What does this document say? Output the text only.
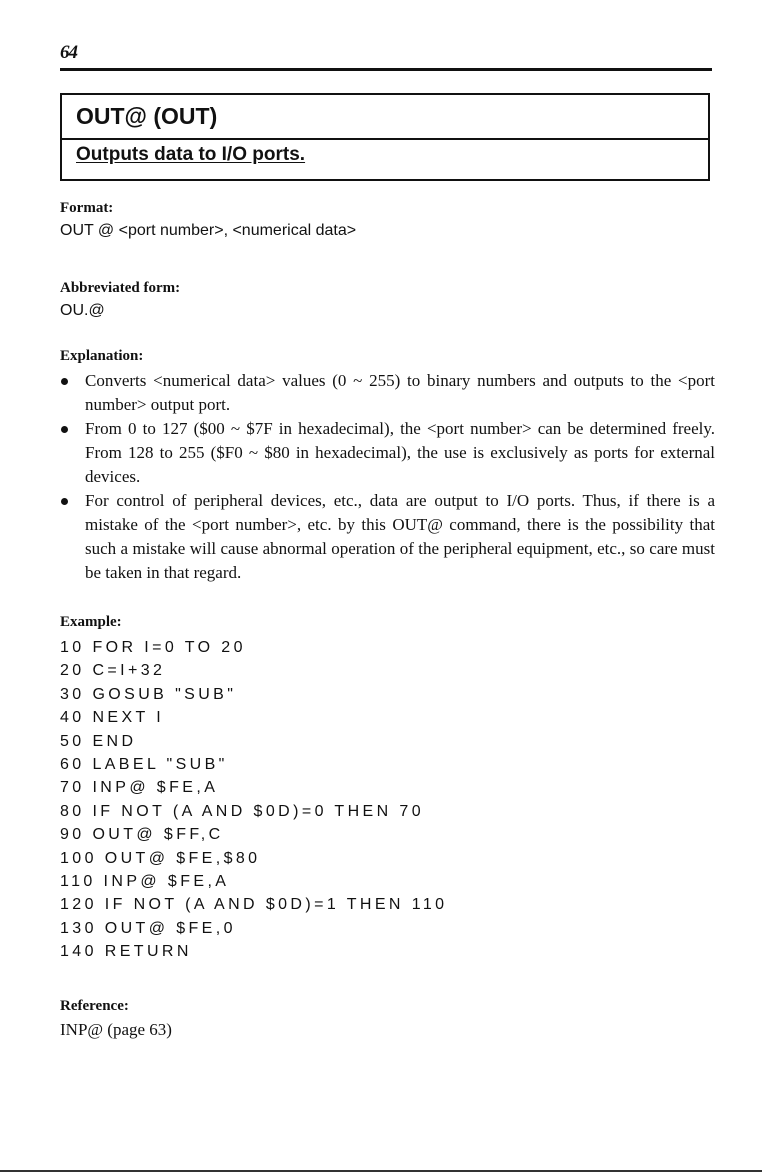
64
OUT@ (OUT)
Outputs data to I/O ports.
Format:
OUT @ <port number>, <numerical data>
Abbreviated form:
OU.@
Explanation:
Converts <numerical data> values (0 ~ 255) to binary numbers and outputs to the <port number> output port.
From 0 to 127 ($00 ~ $7F in hexadecimal), the <port number> can be determined freely. From 128 to 255 ($F0 ~ $80 in hexadecimal), the use is exclusively as ports for external devices.
For control of peripheral devices, etc., data are output to I/O ports. Thus, if there is a mistake of the <port number>, etc. by this OUT@ command, there is the possibility that such a mistake will cause abnormal operation of the peripheral equipment, etc., so care must be taken in that regard.
Example:
10 FOR I=0 TO 20
20 C=I+32
30 GOSUB "SUB"
40 NEXT I
50 END
60 LABEL "SUB"
70 INP@ $FE,A
80 IF NOT (A AND $0D)=0 THEN 70
90 OUT@ $FF,C
100 OUT@ $FE,$80
110 INP@ $FE,A
120 IF NOT (A AND $0D)=1 THEN 110
130 OUT@ $FE,0
140 RETURN
Reference:
INP@ (page 63)
